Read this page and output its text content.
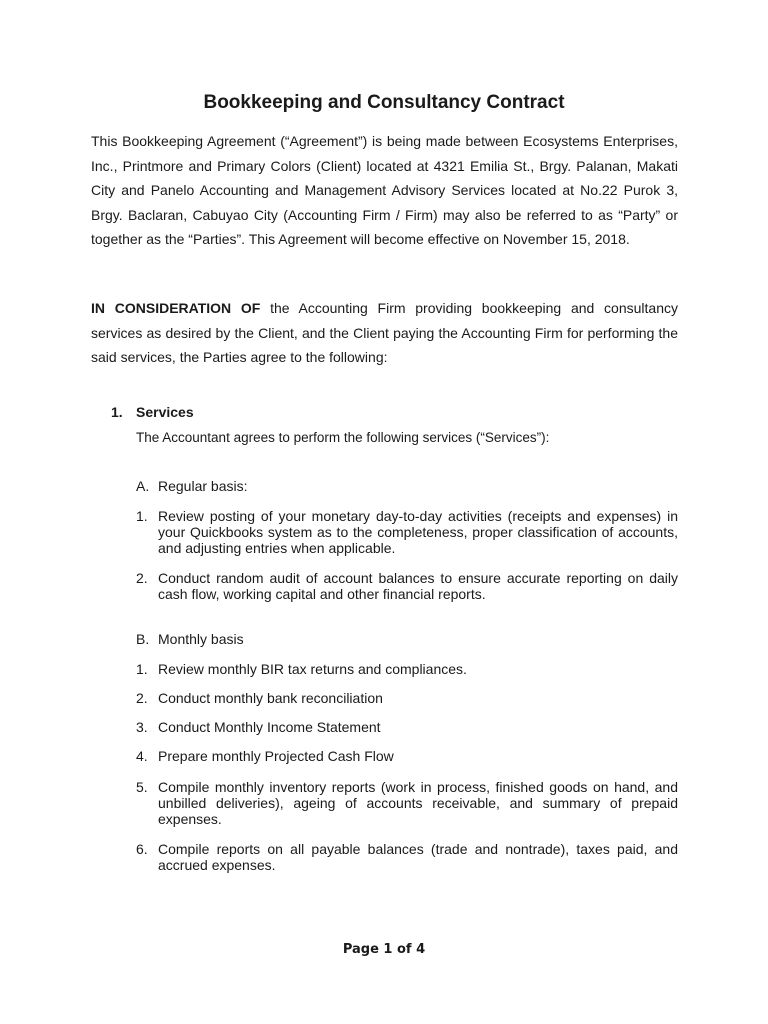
Bookkeeping and Consultancy Contract
This Bookkeeping Agreement (“Agreement”) is being made between Ecosystems Enterprises, Inc., Printmore and Primary Colors (Client) located at 4321 Emilia St., Brgy. Palanan, Makati City and Panelo Accounting and Management Advisory Services located at No.22 Purok 3, Brgy. Baclaran, Cabuyao City (Accounting Firm / Firm) may also be referred to as “Party” or together as the “Parties”. This Agreement will become effective on November 15, 2018.
IN CONSIDERATION OF the Accounting Firm providing bookkeeping and consultancy services as desired by the Client, and the Client paying the Accounting Firm for performing the said services, the Parties agree to the following:
1. Services
The Accountant agrees to perform the following services (“Services”):
A. Regular basis:
1. Review posting of your monetary day-to-day activities (receipts and expenses) in your Quickbooks system as to the completeness, proper classification of accounts, and adjusting entries when applicable.
2. Conduct random audit of account balances to ensure accurate reporting on daily cash flow, working capital and other financial reports.
B. Monthly basis
1. Review monthly BIR tax returns and compliances.
2. Conduct monthly bank reconciliation
3. Conduct Monthly Income Statement
4. Prepare monthly Projected Cash Flow
5. Compile monthly inventory reports (work in process, finished goods on hand, and unbilled deliveries), ageing of accounts receivable, and summary of prepaid expenses.
6. Compile reports on all payable balances (trade and nontrade), taxes paid, and accrued expenses.
Page 1 of 4
